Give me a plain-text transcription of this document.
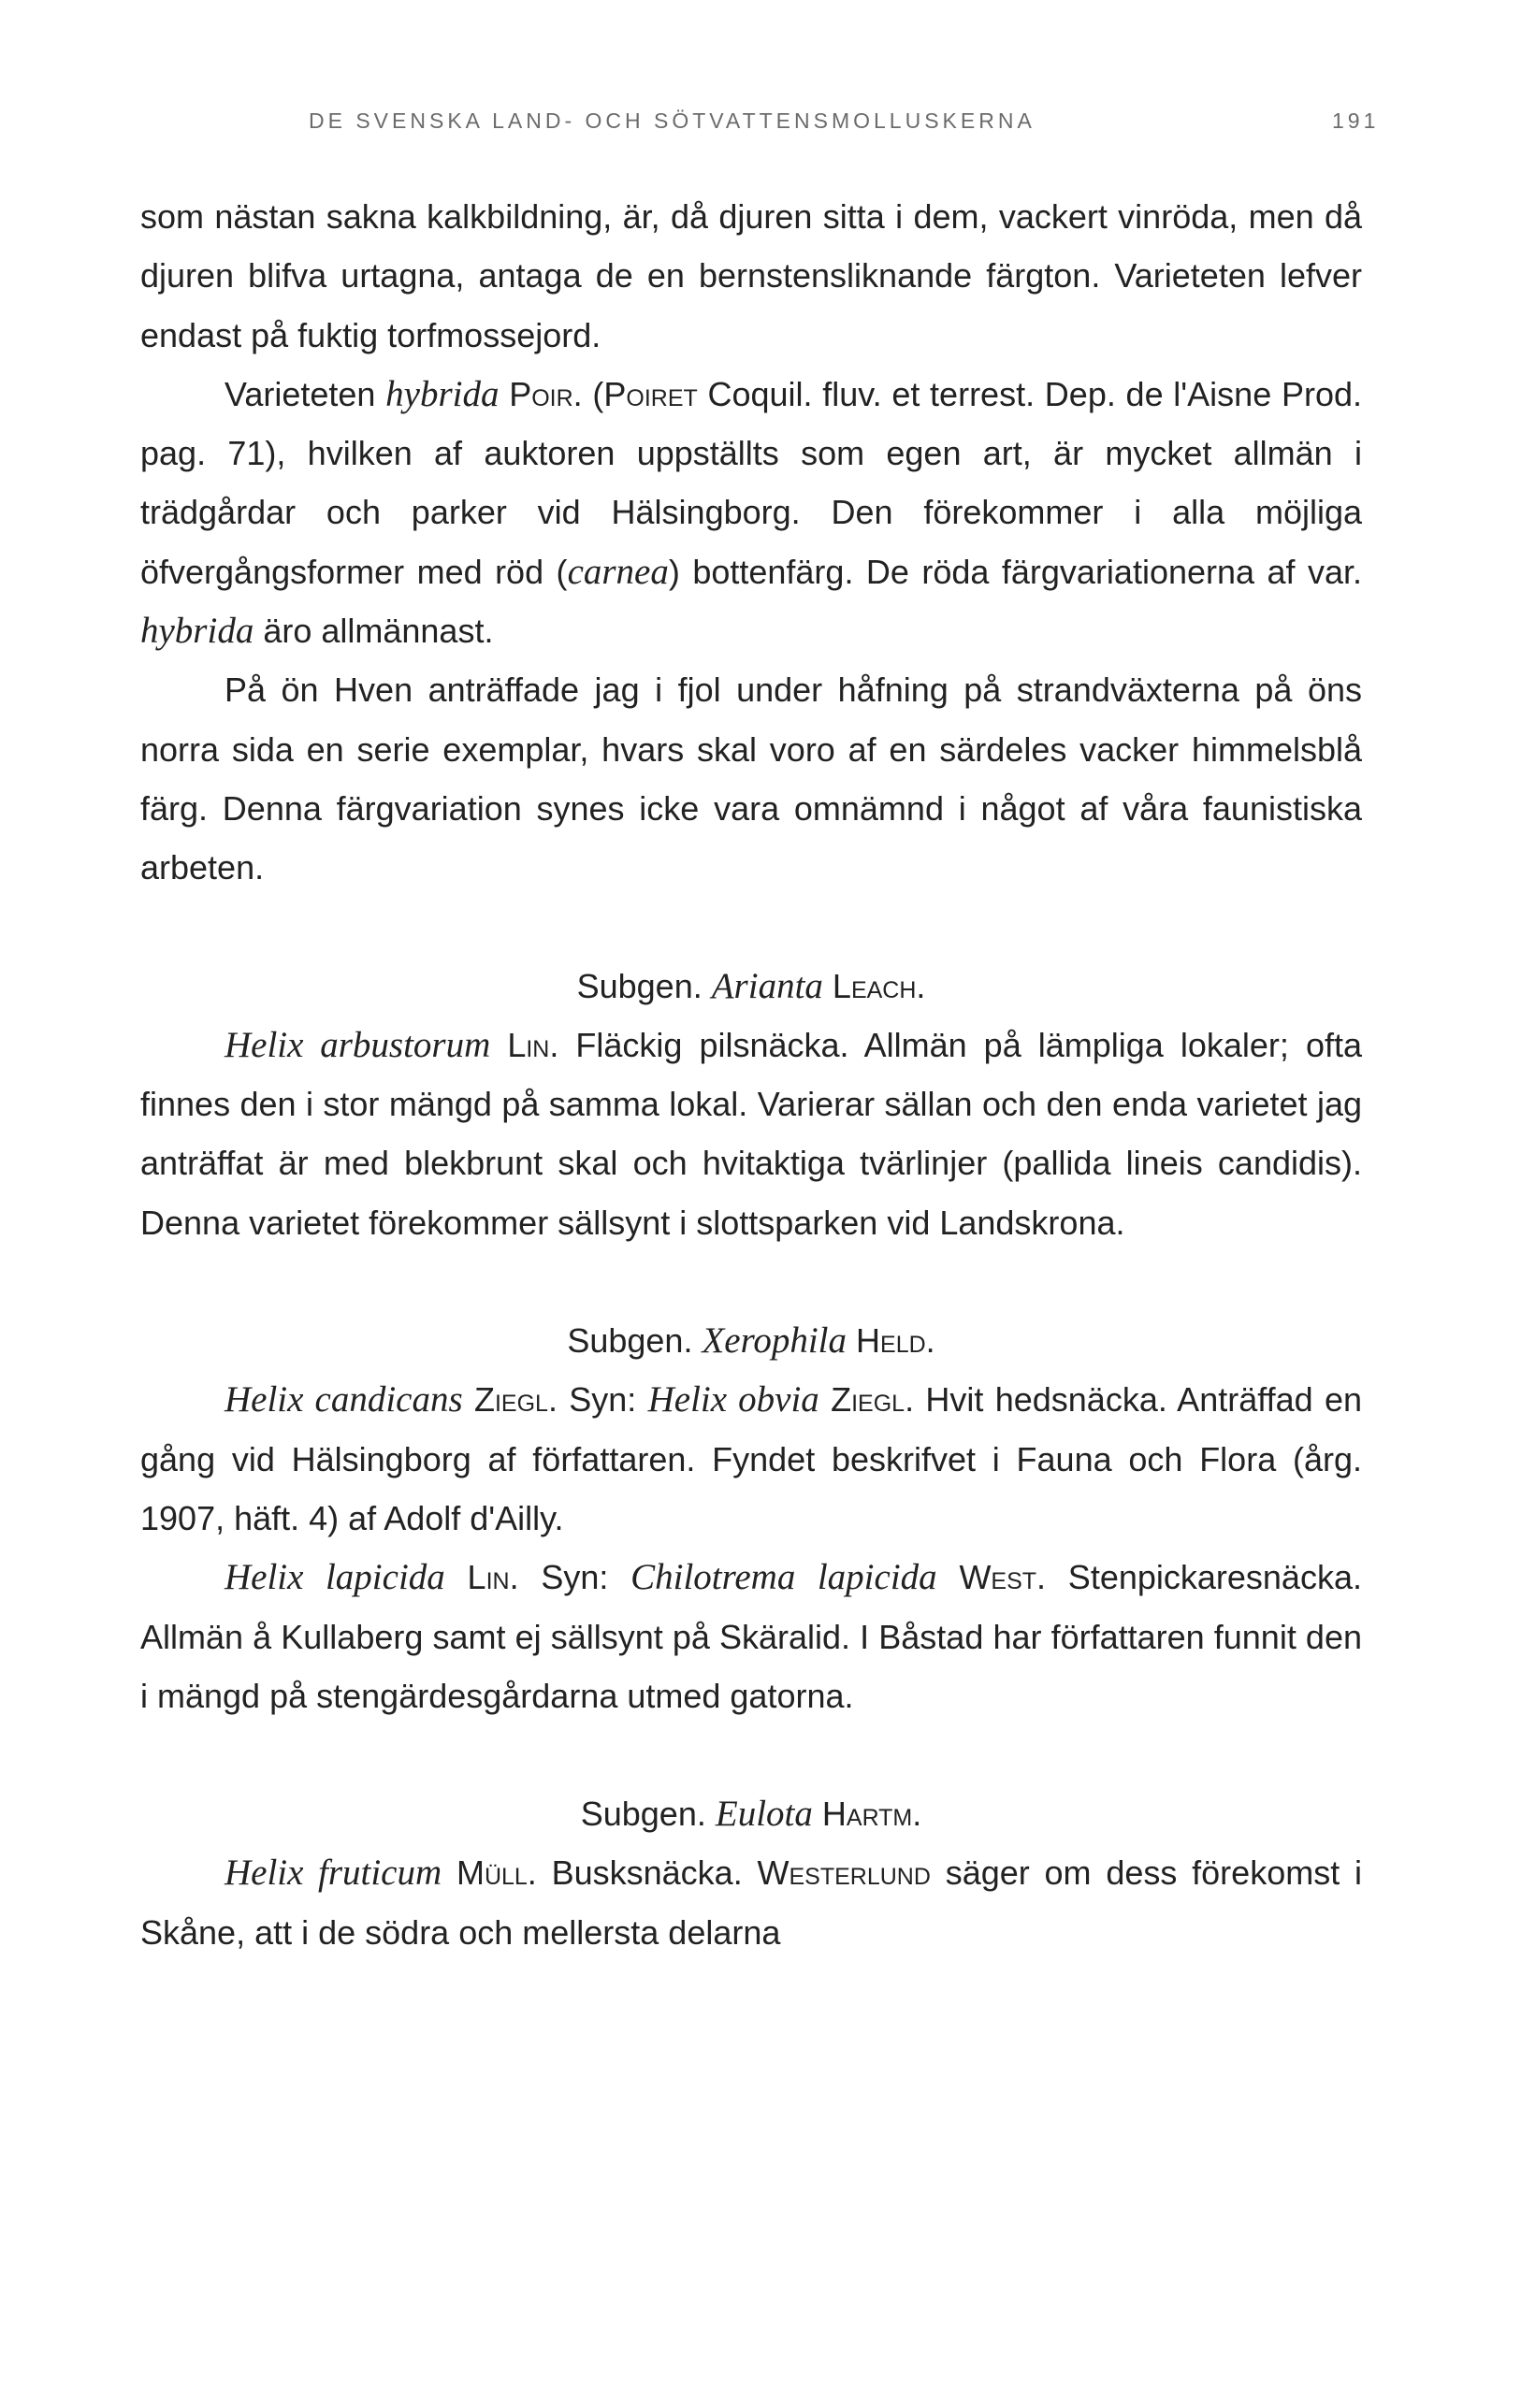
DE SVENSKA LAND- OCH SÖTVATTENSMOLLUSKERNA	191

som nästan sakna kalkbildning, är, då djuren sitta i dem, vackert vinröda, men då djuren blifva urtagna, antaga de en bernstensliknande färgton. Varieteten lefver endast på fuktig torfmossejord.

Varieteten hybrida Poir. (Poiret Coquil. fluv. et terrest. Dep. de l'Aisne Prod. pag. 71), hvilken af auktoren uppställts som egen art, är mycket allmän i trädgårdar och parker vid Hälsingborg. Den förekommer i alla möjliga öfvergångsformer med röd (carnea) bottenfärg. De röda färgvariationerna af var. hybrida äro allmännast.

På ön Hven anträffade jag i fjol under håfning på strandväxterna på öns norra sida en serie exemplar, hvars skal voro af en särdeles vacker himmelsblå färg. Denna färgvariation synes icke vara omnämnd i något af våra faunistiska arbeten.

Subgen. Arianta Leach.

Helix arbustorum Lin. Fläckig pilsnäcka. Allmän på lämpliga lokaler; ofta finnes den i stor mängd på samma lokal. Varierar sällan och den enda varietet jag anträffat är med blekbrunt skal och hvitaktiga tvärlinjer (pallida lineis candidis). Denna varietet förekommer sällsynt i slottsparken vid Landskrona.

Subgen. Xerophila Held.

Helix candicans Ziegl. Syn: Helix obvia Ziegl. Hvit hedsnäcka. Anträffad en gång vid Hälsingborg af författaren. Fyndet beskrifvet i Fauna och Flora (årg. 1907, häft. 4) af Adolf d'Ailly.

Helix lapicida Lin. Syn: Chilotrema lapicida West. Stenpickaresnäcka. Allmän å Kullaberg samt ej sällsynt på Skäralid. I Båstad har författaren funnit den i mängd på stengärdesgårdarna utmed gatorna.

Subgen. Eulota Hartm.

Helix fruticum Müll. Busksnäcka. Westerlund säger om dess förekomst i Skåne, att i de södra och mellersta delarna
